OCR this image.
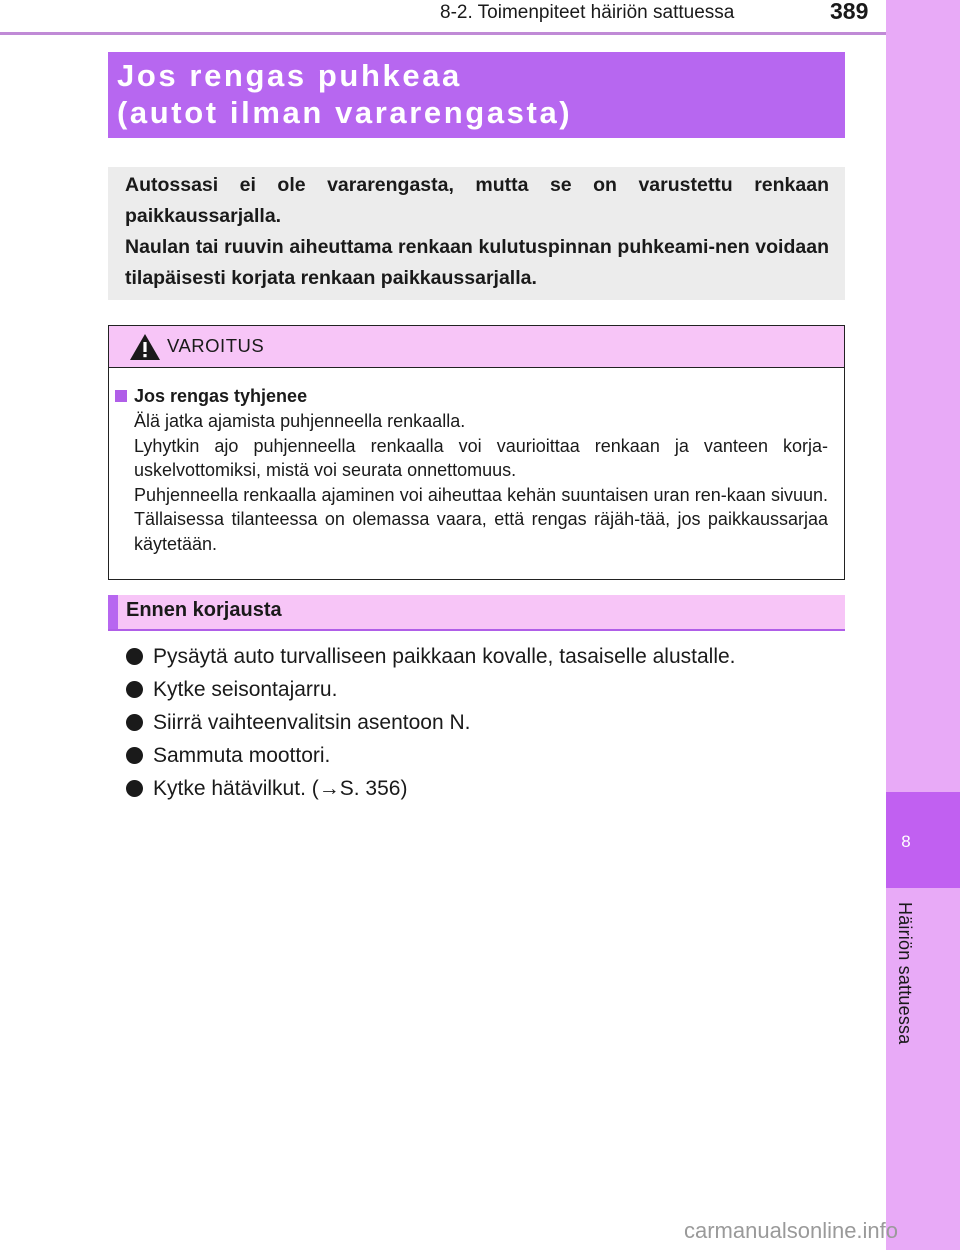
8-2. Toimenpiteet häiriön sattuessa	389
8
Häiriön sattuessa
Jos rengas puhkeaa
(autot ilman vararengasta)

Autossasi ei ole vararengasta, mutta se on varustettu renkaan paikkaussarjalla.

Naulan tai ruuvin aiheuttama renkaan kulutuspinnan puhkeami-nen voidaan tilapäisesti korjata renkaan paikkaussarjalla.

VAROITUS
Jos rengas tyhjenee

Älä jatka ajamista puhjenneella renkaalla.

Lyhytkin ajo puhjenneella renkaalla voi vaurioittaa renkaan ja vanteen korja-uskelvottomiksi, mistä voi seurata onnettomuus.

Puhjenneella renkaalla ajaminen voi aiheuttaa kehän suuntaisen uran ren-kaan sivuun. Tällaisessa tilanteessa on olemassa vaara, että rengas räjäh-tää, jos paikkaussarjaa käytetään.

Ennen korjausta
Pysäytä auto turvalliseen paikkaan kovalle, tasaiselle alustalle.
Kytke seisontajarru.
Siirrä vaihteenvalitsin asentoon N.
Sammuta moottori.
Kytke hätävilkut. (→S. 356)
carmanualsonline.info
